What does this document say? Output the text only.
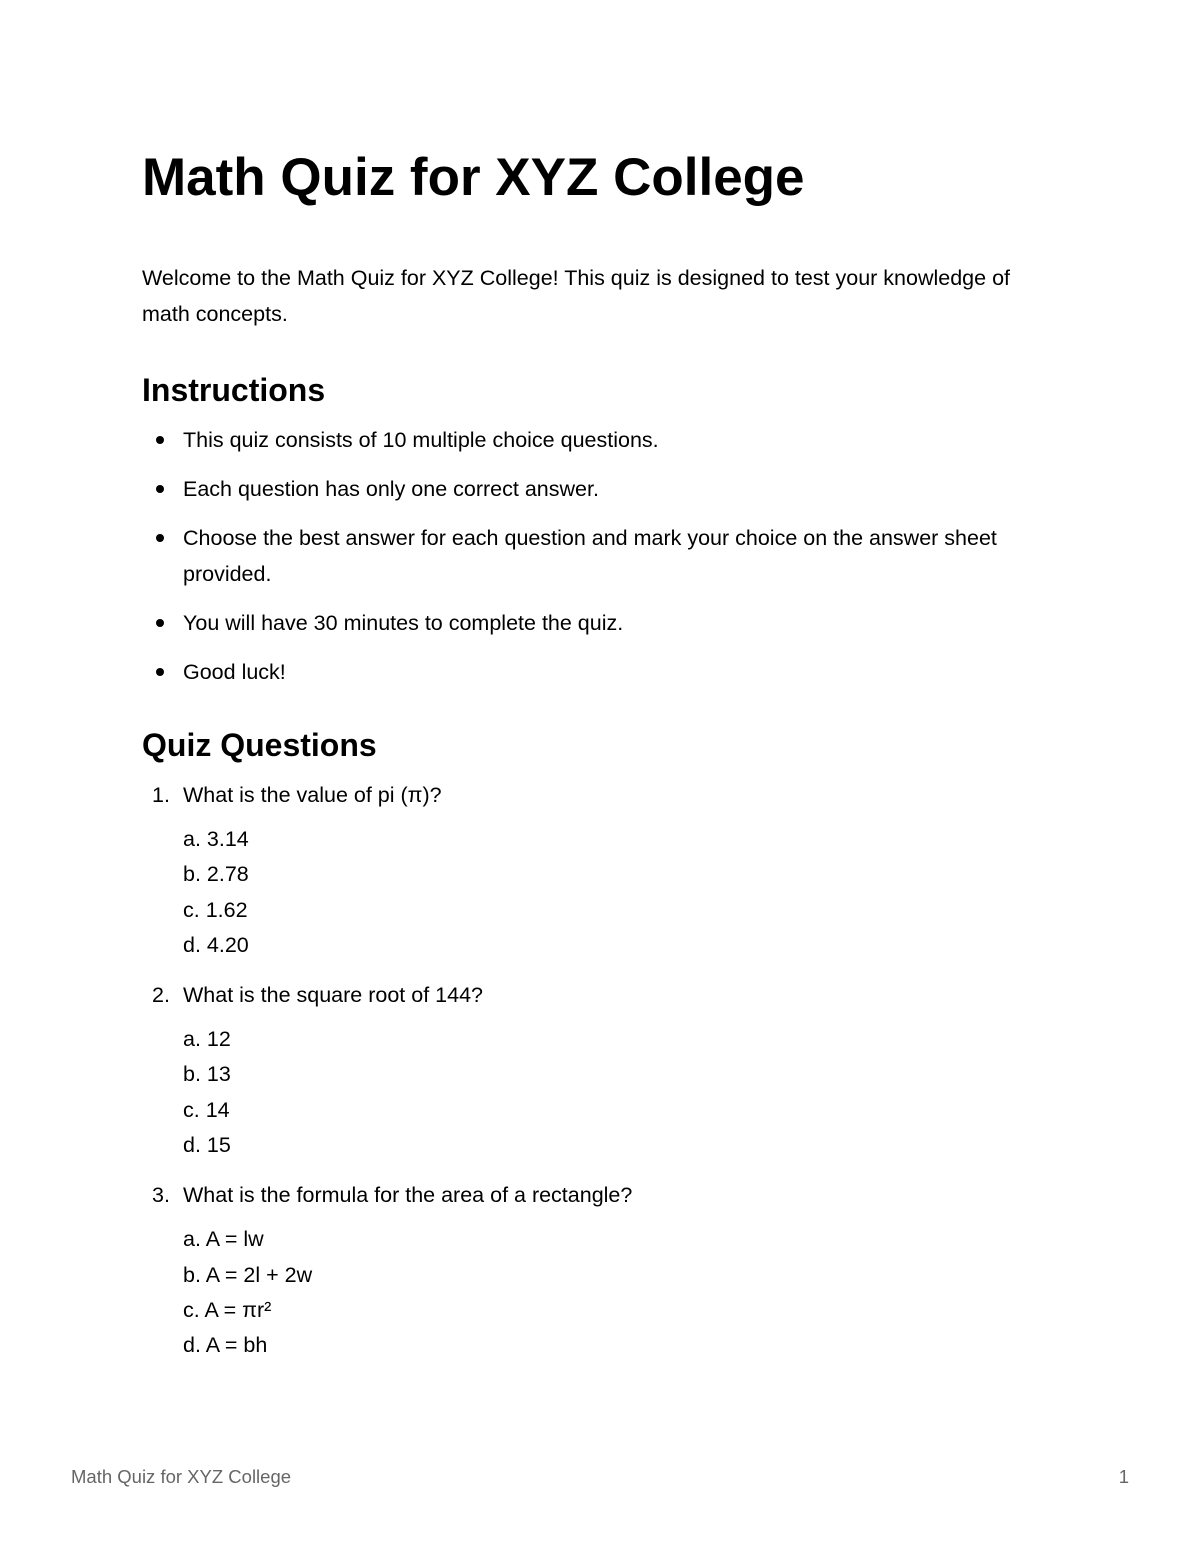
Math Quiz for XYZ College

Welcome to the Math Quiz for XYZ College! This quiz is designed to test your knowledge of math concepts.

Instructions
This quiz consists of 10 multiple choice questions.
Each question has only one correct answer.
Choose the best answer for each question and mark your choice on the answer sheet provided.
You will have 30 minutes to complete the quiz.
Good luck!
Quiz Questions
1. What is the value of pi (π)?
a. 3.14
b. 2.78
c. 1.62
d. 4.20
2. What is the square root of 144?
a. 12
b. 13
c. 14
d. 15
3. What is the formula for the area of a rectangle?
a. A = lw
b. A = 2l + 2w
c. A = πr²
d. A = bh
Math Quiz for XYZ College	1
